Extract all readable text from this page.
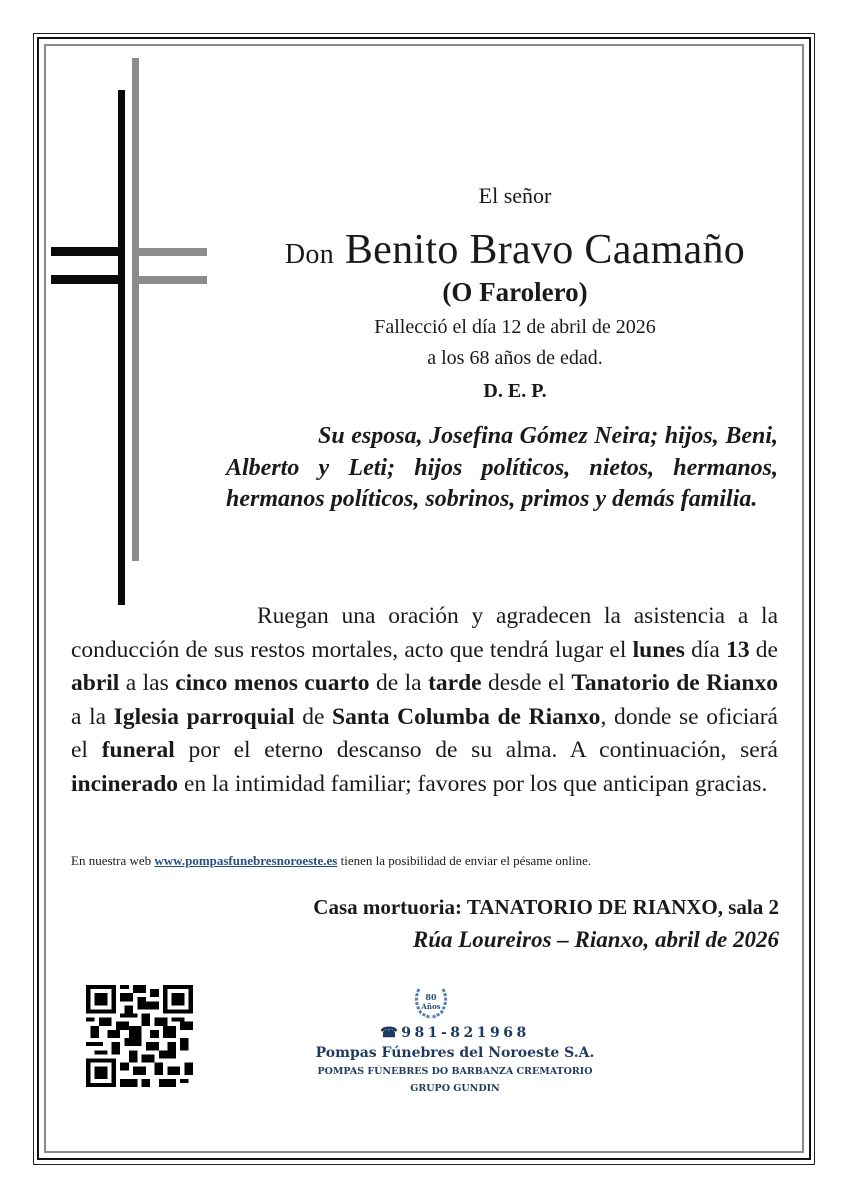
El señor
Don Benito Bravo Caamaño
(O Farolero)
Fallecció el día 12 de abril de 2026
a los 68 años de edad.
D. E. P.
Su esposa, Josefina Gómez Neira; hijos, Beni, Alberto y Leti; hijos políticos, nietos, hermanos, hermanos políticos, sobrinos, primos y demás familia.
Ruegan una oración y agradecen la asistencia a la conducción de sus restos mortales, acto que tendrá lugar el lunes día 13 de abril a las cinco menos cuarto de la tarde desde el Tanatorio de Rianxo a la Iglesia parroquial de Santa Columba de Rianxo, donde se oficiará el funeral por el eterno descanso de su alma. A continuación, será incinerado en la intimidad familiar; favores por los que anticipan gracias.
En nuestra web www.pompasfunebresnoroeste.es tienen la posibilidad de enviar el pésame online.
Casa mortuoria: TANATORIO DE RIANXO, sala 2
Rúa Loureiros – Rianxo, abril de 2026
80
Años
☎981-821968
Pompas Fúnebres del Noroeste S.A.
POMPAS FÚNEBRES DO BARBANZA CREMATORIO
GRUPO GUNDIN
